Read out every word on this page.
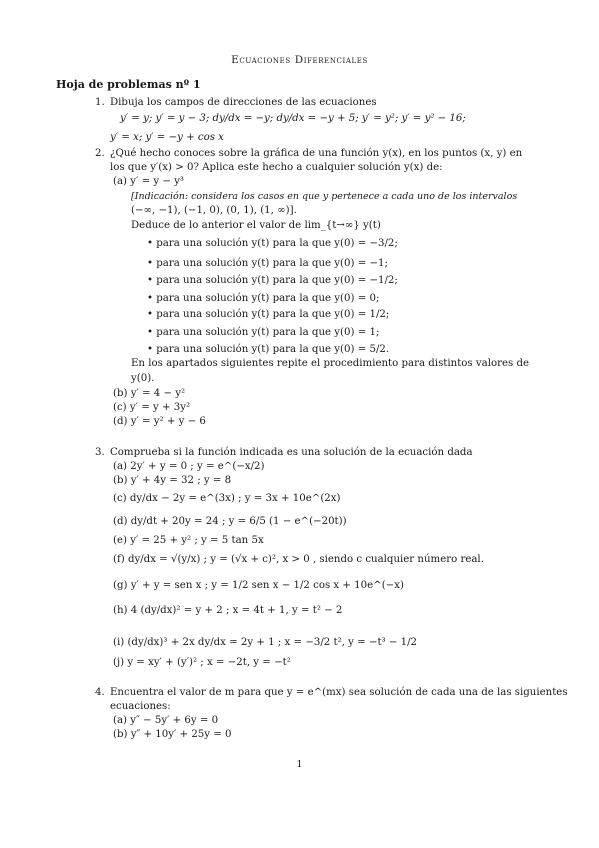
Ecuaciones Diferenciales
Hoja de problemas nº 1
1. Dibuja los campos de direcciones de las ecuaciones
y′ = y; y′ = y − 3; dy/dx = −y; dy/dx = −y + 5; y′ = y²; y′ = y² − 16;
y′ = x; y′ = −y + cos x
2. ¿Qué hecho conoces sobre la gráfica de una función y(x), en los puntos (x, y) en
los que y′(x) > 0? Aplica este hecho a cualquier solución y(x) de:
(a) y′ = y − y³
[Indicación: considera los casos en que y pertenece a cada uno de los intervalos
(−∞, −1), (−1, 0), (0, 1), (1, ∞)].
Deduce de lo anterior el valor de lim_{t→∞} y(t)
• para una solución y(t) para la que y(0) = −3/2;
• para una solución y(t) para la que y(0) = −1;
• para una solución y(t) para la que y(0) = −1/2;
• para una solución y(t) para la que y(0) = 0;
• para una solución y(t) para la que y(0) = 1/2;
• para una solución y(t) para la que y(0) = 1;
• para una solución y(t) para la que y(0) = 5/2.
En los apartados siguientes repite el procedimiento para distintos valores de
y(0).
(b) y′ = 4 − y²
(c) y′ = y + 3y²
(d) y′ = y² + y − 6
3. Comprueba si la función indicada es una solución de la ecuación dada
(a) 2y′ + y = 0 ; y = e^(−x/2)
(b) y′ + 4y = 32 ; y = 8
(c) dy/dx − 2y = e^(3x) ; y = 3x + 10e^(2x)
(d) dy/dt + 20y = 24 ; y = 6/5 (1 − e^(−20t))
(e) y′ = 25 + y² ; y = 5 tan 5x
(f) dy/dx = √(y/x) ; y = (√x + c)², x > 0 , siendo c cualquier número real.
(g) y′ + y = sen x ; y = 1/2 sen x − 1/2 cos x + 10e^(−x)
(h) 4 (dy/dx)² = y + 2 ; x = 4t + 1, y = t² − 2
(i) (dy/dx)³ + 2x dy/dx = 2y + 1 ; x = −3/2 t², y = −t³ − 1/2
(j) y = xy′ + (y′)² ; x = −2t, y = −t²
4. Encuentra el valor de m para que y = e^(mx) sea solución de cada una de las siguientes
ecuaciones:
(a) y″ − 5y′ + 6y = 0
(b) y″ + 10y′ + 25y = 0
1
